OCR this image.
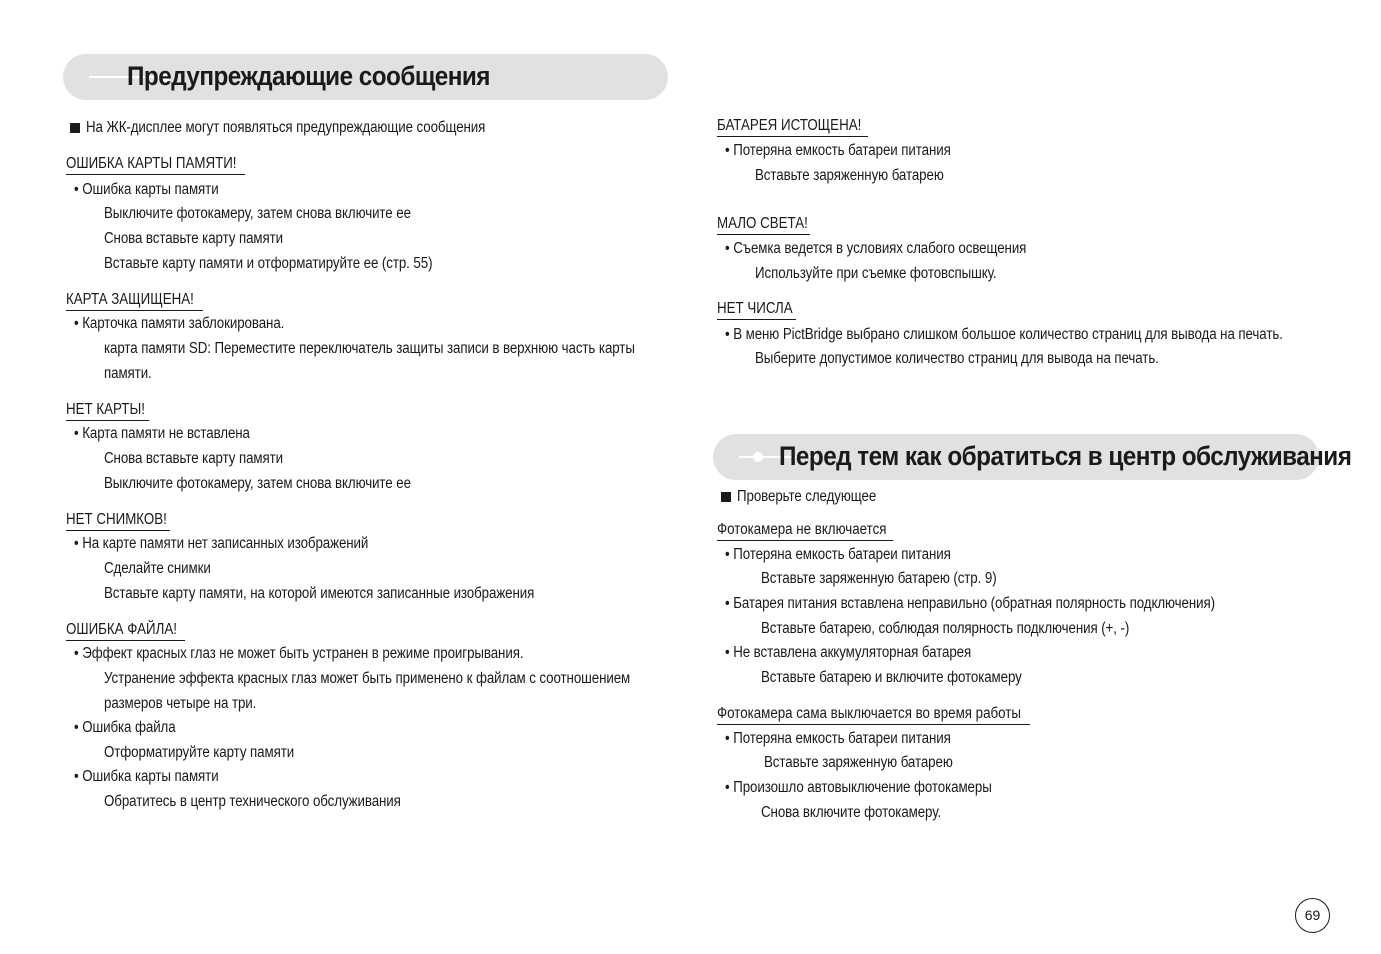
Предупреждающие сообщения
На ЖК-дисплее могут появляться предупреждающие сообщения
ОШИБКА КАРТЫ ПАМЯТИ!
• Ошибка карты памяти
Выключите фотокамеру, затем снова включите ее
Снова вставьте карту памяти
Вставьте карту памяти и отформатируйте ее (стр. 55)
КАРТА ЗАЩИЩЕНА!
• Карточка памяти заблокирована.
карта памяти SD: Переместите переключатель защиты записи в верхнюю часть карты
памяти.
НЕТ КАРТЫ!
• Карта памяти не вставлена
Снова вставьте карту памяти
Выключите фотокамеру, затем снова включите ее
НЕТ СНИМКОВ!
• На карте памяти нет записанных изображений
Сделайте снимки
Вставьте карту памяти, на которой имеются записанные изображения
ОШИБКА ФАЙЛА!
• Эффект красных глаз не может быть устранен в режиме проигрывания.
Устранение эффекта красных глаз может быть применено к файлам с соотношением
размеров четыре на три.
• Ошибка файла
Отформатируйте карту памяти
• Ошибка карты памяти
Обратитесь в центр технического обслуживания
БАТАРЕЯ ИСТОЩЕНА!
• Потеряна емкость батареи питания
Вставьте заряженную батарею
МАЛО СВЕТА!
• Съемка ведется в условиях слабого освещения
Используйте при съемке фотовспышку.
НЕТ ЧИСЛА
• В меню PictBridge выбрано слишком большое количество страниц для вывода на печать.
Выберите допустимое количество страниц для вывода на печать.
Перед тем как обратиться в центр обслуживания
Проверьте следующее
Фотокамера не включается
• Потеряна емкость батареи питания
Вставьте заряженную батарею (стр. 9)
• Батарея питания вставлена неправильно (обратная полярность подключения)
Вставьте батарею, соблюдая полярность подключения (+, -)
• Не вставлена аккумуляторная батарея
Вставьте батарею и включите фотокамеру
Фотокамера сама выключается во время работы
• Потеряна емкость батареи питания
Вставьте заряженную батарею
• Произошло автовыключение фотокамеры
Снова включите фотокамеру.
69
